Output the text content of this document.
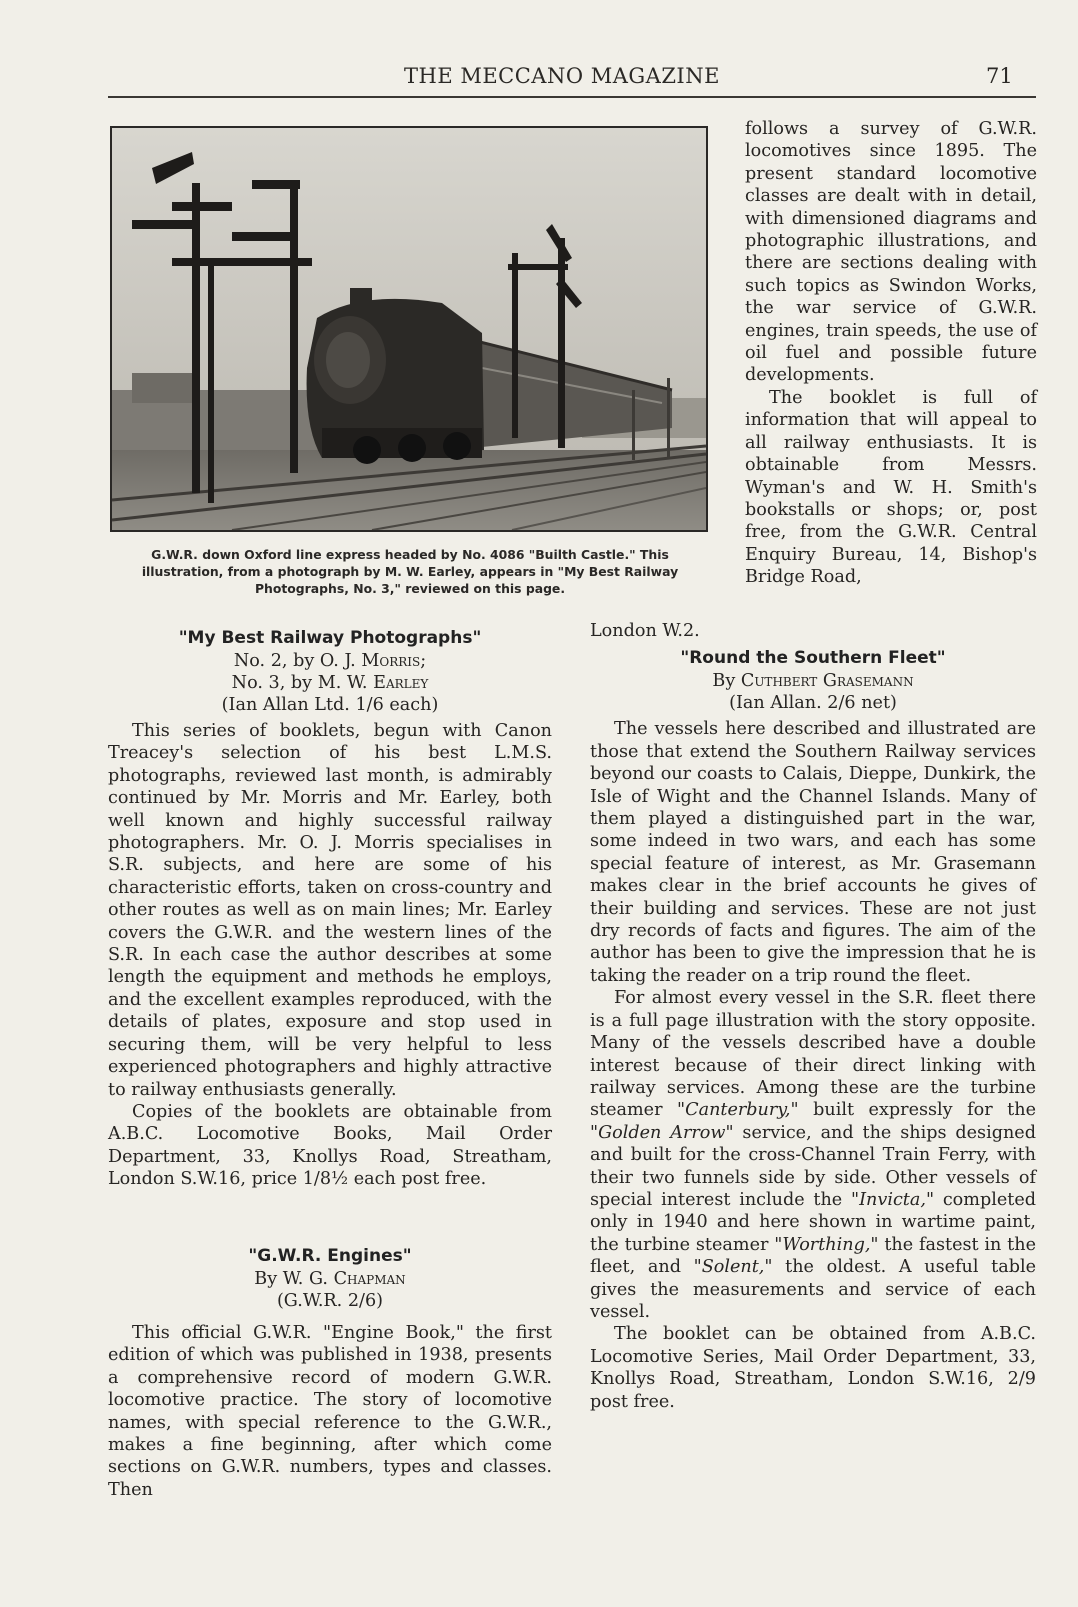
THE MECCANO MAGAZINE	71
G.W.R. down Oxford line express headed by No. 4086 "Builth Castle." This illustration, from a photograph by M. W. Earley, appears in "My Best Railway Photographs, No. 3," reviewed on this page.
"My Best Railway Photographs"
No. 2, by O. J. Morris;
No. 3, by M. W. Earley
(Ian Allan Ltd. 1/6 each)

This series of booklets, begun with Canon Treacey's selection of his best L.M.S. photographs, reviewed last month, is admirably continued by Mr. Morris and Mr. Earley, both well known and highly successful railway photographers. Mr. O. J. Morris specialises in S.R. subjects, and here are some of his characteristic efforts, taken on cross-country and other routes as well as on main lines; Mr. Earley covers the G.W.R. and the western lines of the S.R. In each case the author describes at some length the equipment and methods he employs, and the excellent examples reproduced, with the details of plates, exposure and stop used in securing them, will be very helpful to less experienced photographers and highly attractive to railway enthusiasts generally.

Copies of the booklets are obtainable from A.B.C. Locomotive Books, Mail Order Department, 33, Knollys Road, Streatham, London S.W.16, price 1/8½ each post free.

"G.W.R. Engines"
By W. G. Chapman
(G.W.R. 2/6)

This official G.W.R. "Engine Book," the first edition of which was published in 1938, presents a comprehensive record of modern G.W.R. locomotive practice. The story of locomotive names, with special reference to the G.W.R., makes a fine beginning, after which come sections on G.W.R. numbers, types and classes. Then

follows a survey of G.W.R. locomotives since 1895. The present standard locomotive classes are dealt with in detail, with dimensioned diagrams and photographic illustrations, and there are sections dealing with such topics as Swindon Works, the war service of G.W.R. engines, train speeds, the use of oil fuel and possible future developments.

The booklet is full of information that will appeal to all railway enthusiasts. It is obtainable from Messrs. Wyman's and W. H. Smith's bookstalls or shops; or, post free, from the G.W.R. Central Enquiry Bureau, 14, Bishop's Bridge Road,

London W.2.

"Round the Southern Fleet"
By Cuthbert Grasemann
(Ian Allan. 2/6 net)

The vessels here described and illustrated are those that extend the Southern Railway services beyond our coasts to Calais, Dieppe, Dunkirk, the Isle of Wight and the Channel Islands. Many of them played a distinguished part in the war, some indeed in two wars, and each has some special feature of interest, as Mr. Grasemann makes clear in the brief accounts he gives of their building and services. These are not just dry records of facts and figures. The aim of the author has been to give the impression that he is taking the reader on a trip round the fleet.

For almost every vessel in the S.R. fleet there is a full page illustration with the story opposite. Many of the vessels described have a double interest because of their direct linking with railway services. Among these are the turbine steamer "Canterbury," built expressly for the "Golden Arrow" service, and the ships designed and built for the cross-Channel Train Ferry, with their two funnels side by side. Other vessels of special interest include the "Invicta," completed only in 1940 and here shown in wartime paint, the turbine steamer "Worthing," the fastest in the fleet, and "Solent," the oldest. A useful table gives the measurements and service of each vessel.

The booklet can be obtained from A.B.C. Locomotive Series, Mail Order Department, 33, Knollys Road, Streatham, London S.W.16, 2/9 post free.
